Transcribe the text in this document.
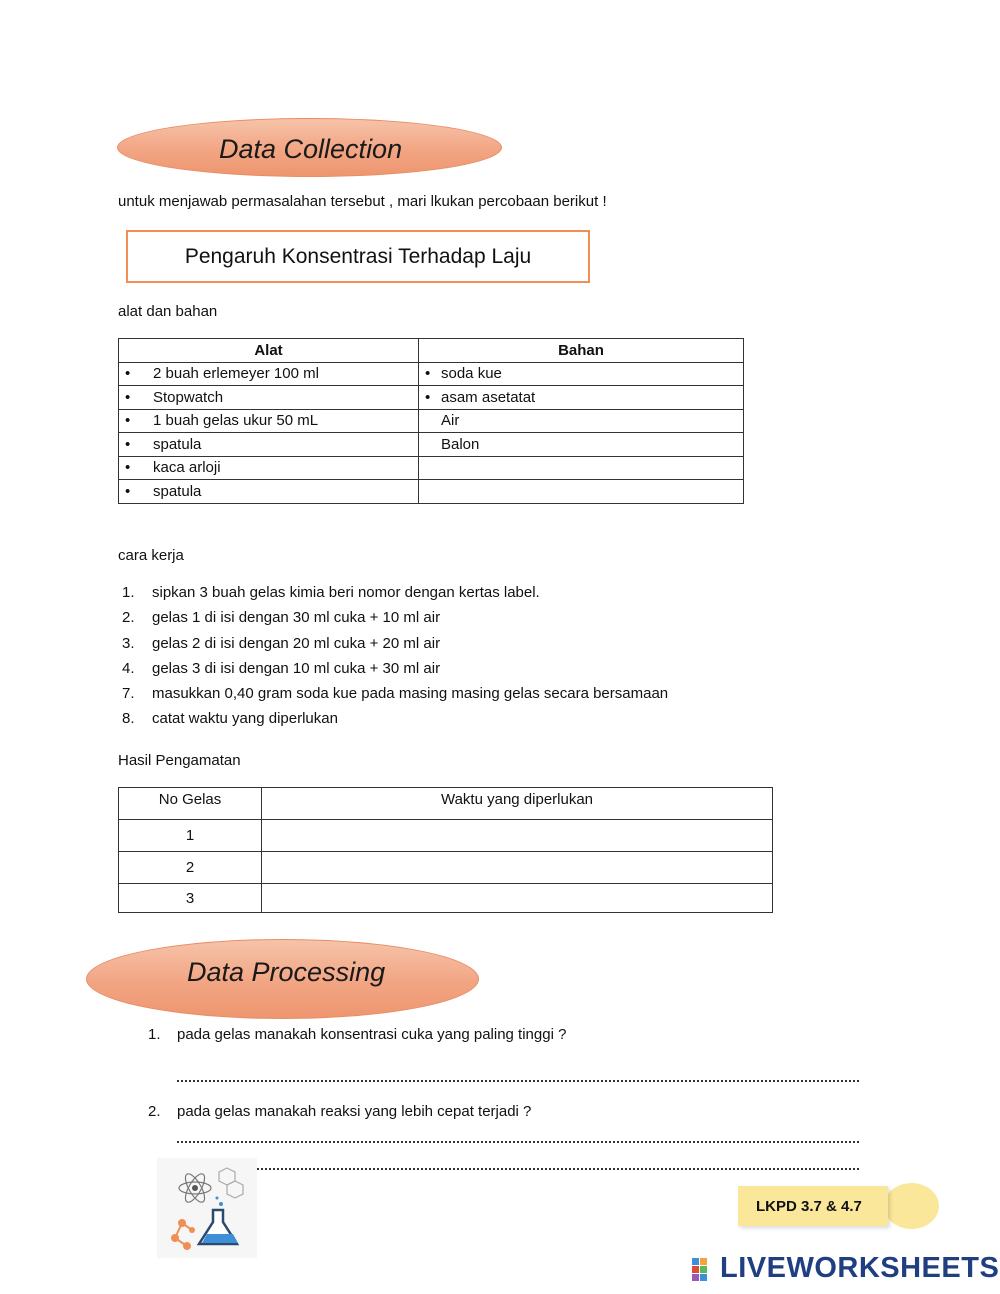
Data Collection
untuk menjawab permasalahan tersebut , mari lkukan percobaan berikut !
Pengaruh Konsentrasi Terhadap Laju
alat dan bahan
Alat	Bahan
• 2 buah erlemeyer 100 ml	• soda kue
• Stopwatch	• asam asetatat
• 1 buah gelas ukur 50 mL	Air
• spatula	Balon
• kaca arloji	
• spatula	
cara kerja
1. sipkan 3 buah gelas kimia beri nomor dengan kertas label.
2. gelas 1 di isi dengan 30 ml cuka + 10 ml air
3. gelas 2 di isi dengan 20 ml cuka + 20 ml air
4. gelas 3 di isi dengan 10 ml cuka + 30 ml air
7. masukkan 0,40 gram soda kue pada masing masing gelas secara bersamaan
8. catat waktu yang diperlukan
Hasil Pengamatan
No Gelas	Waktu yang diperlukan
1	
2	
3	
Data Processing
1. pada gelas manakah konsentrasi cuka yang paling tinggi ?
2. pada gelas manakah reaksi yang lebih cepat terjadi ?
LKPD 3.7 & 4.7
LIVEWORKSHEETS
